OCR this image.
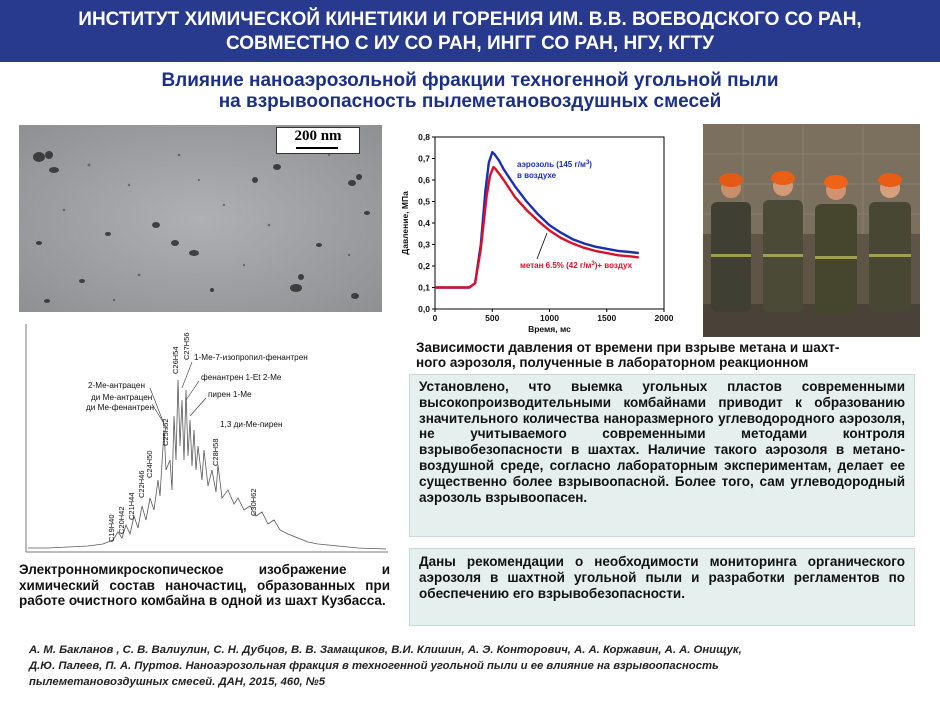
ИНСТИТУТ ХИМИЧЕСКОЙ КИНЕТИКИ И ГОРЕНИЯ ИМ. В.В. ВОЕВОДСКОГО СО РАН,
СОВМЕСТНО С ИУ СО РАН, ИНГГ СО РАН, НГУ, КГТУ
Влияние наноаэрозольной фракции техногенной угольной пыли
на взрывоопасность пылеметановоздушных смесей
200 nm
1-Me-7-изопропил-фенантрен
фенантрен 1-Et 2-Me
пирен 1-Me
2-Me-антрацен
ди Me-антрацен
ди Me-фенантрен
1,3 ди-Me-пирен
C19H40 C20H42
C21H44
C22H46
C24H50
C25H52
C26H54
C27H56
C28H58
C30H62
0,0
0,1
0,2
0,3
0,4
0,5
0,6
0,7
0,8
0	500	1000	1500	2000
Время, мс
Давление, МПа
аэрозоль (145 $г/м^3$)
в воздухе
метан 6.5% (42 $г/м^3)+$ воздух
Зависимости давления от времени при взрыве метана и шахт-
ного аэрозоля, полученные в лабораторном реакционном
Установлено, что выемка угольных пластов современными высокопроизводительными комбайнами приводит к образованию значительного количества наноразмерного углеводородного аэрозоля, не учитываемого современными методами контроля взрывобезопасности в шахтах. Наличие такого аэрозоля в метано-воздушной среде, согласно лабораторным экспериментам, делает ее существенно более взрывоопасной. Более того, сам углеводородный аэрозоль взрывоопасен.
Даны рекомендации о необходимости мониторинга органического аэрозоля в шахтной угольной пыли и разработки регламентов по обеспечению его взрывобезопасности.
Электронномикроскопическое изображение и химический состав наночастиц, образованных при работе очистного комбайна в одной из шахт Кузбасса.
А. М. Бакланов , С. В. Валиулин, С. Н. Дубцов, В. В. Замащиков, В.И. Клишин, А. Э. Конторович, А. А. Коржавин, А. А. Онищук,
Д.Ю. Палеев, П. А. Пуртов. Наноаэрозольная фракция в техногенной угольной пыли и ее влияние на взрывоопасность
пылеметановоздушных смесей. ДАН, 2015, 460, №5
